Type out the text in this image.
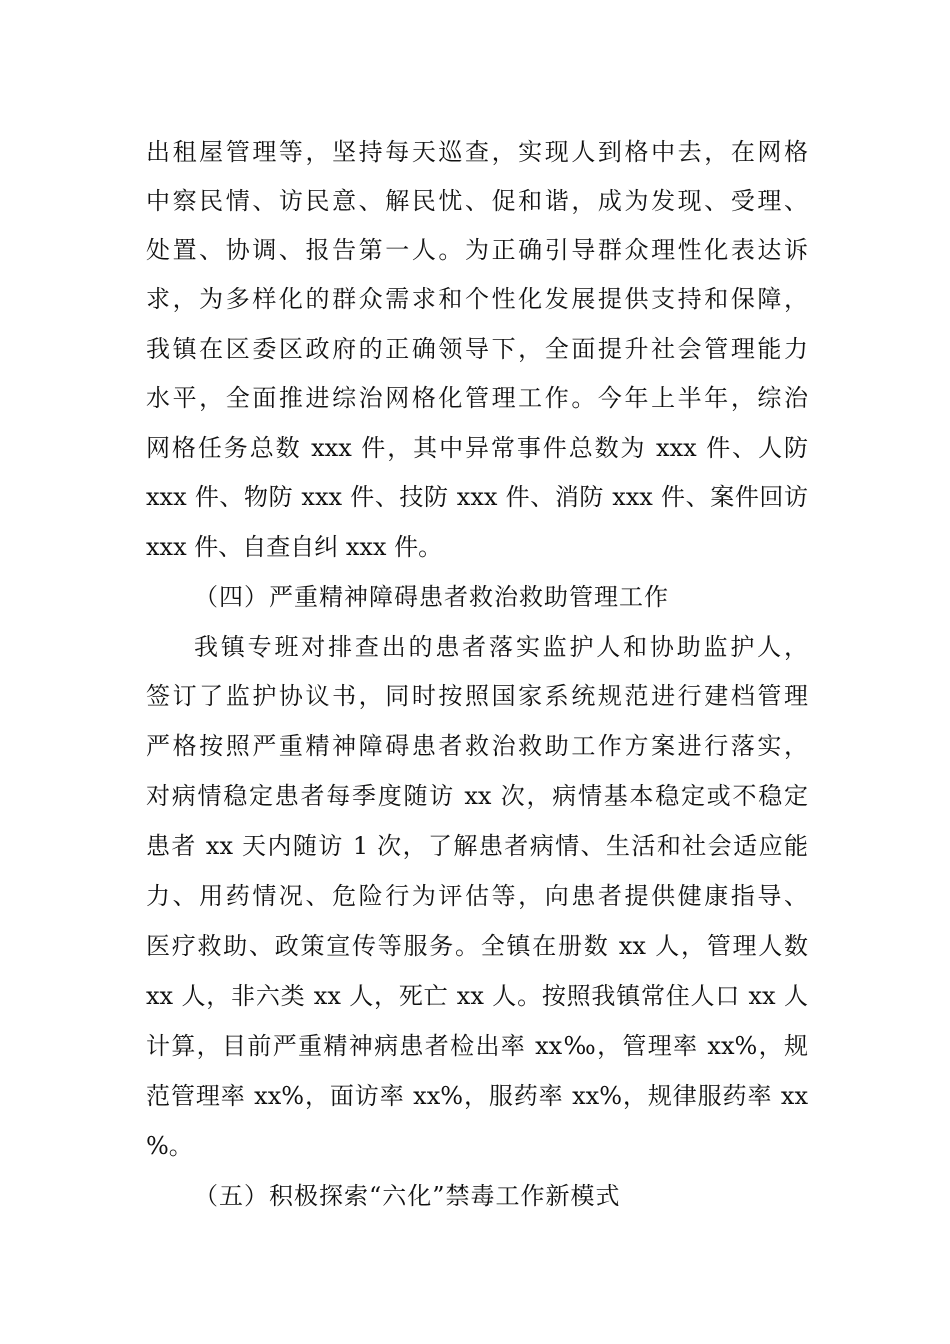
出租屋管理等，坚持每天巡查，实现人到格中去，在网格
中察民情、访民意、解民忧、促和谐，成为发现、受理、
处置、协调、报告第一人。为正确引导群众理性化表达诉
求，为多样化的群众需求和个性化发展提供支持和保障，
我镇在区委区政府的正确领导下，全面提升社会管理能力
水平，全面推进综治网格化管理工作。今年上半年，综治
网格任务总数 xxx 件，其中异常事件总数为 xxx 件、人防
xxx 件、物防 xxx 件、技防 xxx 件、消防 xxx 件、案件回访
xxx 件、自查自纠 xxx 件。
（四）严重精神障碍患者救治救助管理工作
我镇专班对排查出的患者落实监护人和协助监护人，
签订了监护协议书，同时按照国家系统规范进行建档管理
严格按照严重精神障碍患者救治救助工作方案进行落实，
对病情稳定患者每季度随访 xx 次，病情基本稳定或不稳定
患者 xx 天内随访 1 次，了解患者病情、生活和社会适应能
力、用药情况、危险行为评估等，向患者提供健康指导、
医疗救助、政策宣传等服务。全镇在册数 xx 人，管理人数
xx 人，非六类 xx 人，死亡 xx 人。按照我镇常住人口 xx 人
计算，目前严重精神病患者检出率 xx‰，管理率 xx%，规
范管理率 xx%，面访率 xx%，服药率 xx%，规律服药率 xx
%。
（五）积极探索“六化”禁毒工作新模式
